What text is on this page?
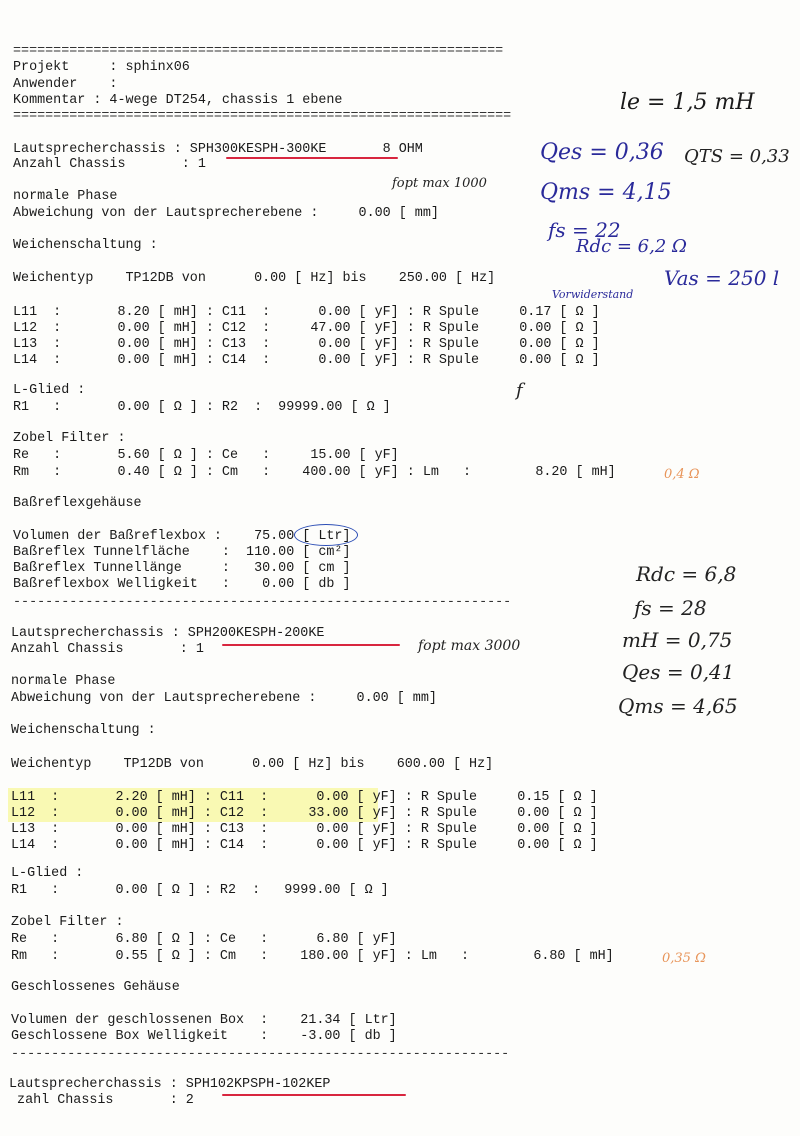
=============================================================
Projekt     : sphinx06
Anwender    :
Kommentar : 4-wege DT254, chassis 1 ebene
==============================================================
Lautsprecherchassis : SPH300KESPH-300KE       8 OHM
Anzahl Chassis       : 1
normale Phase
Abweichung von der Lautsprecherebene :     0.00 [ mm]
Weichenschaltung :
Weichentyp    TP12DB von      0.00 [ Hz] bis    250.00 [ Hz]
L11  :       8.20 [ mH] : C11  :      0.00 [ yF] : R Spule     0.17 [ Ω ]
L12  :       0.00 [ mH] : C12  :     47.00 [ yF] : R Spule     0.00 [ Ω ]
L13  :       0.00 [ mH] : C13  :      0.00 [ yF] : R Spule     0.00 [ Ω ]
L14  :       0.00 [ mH] : C14  :      0.00 [ yF] : R Spule     0.00 [ Ω ]
L-Glied :
R1   :       0.00 [ Ω ] : R2  :  99999.00 [ Ω ]
Zobel Filter :
Re   :       5.60 [ Ω ] : Ce   :     15.00 [ yF]
Rm   :       0.40 [ Ω ] : Cm   :    400.00 [ yF] : Lm   :        8.20 [ mH]
Baßreflexgehäuse
Volumen der Baßreflexbox :    75.00 [ Ltr]
Baßreflex Tunnelfläche    :  110.00 [ cm²]
Baßreflex Tunnellänge     :   30.00 [ cm ]
Baßreflexbox Welligkeit   :    0.00 [ db ]
--------------------------------------------------------------
Lautsprecherchassis : SPH200KESPH-200KE
Anzahl Chassis       : 1
normale Phase
Abweichung von der Lautsprecherebene :     0.00 [ mm]
Weichenschaltung :
Weichentyp    TP12DB von      0.00 [ Hz] bis    600.00 [ Hz]
L11  :       2.20 [ mH] : C11  :      0.00 [ yF] : R Spule     0.15 [ Ω ]
L12  :       0.00 [ mH] : C12  :     33.00 [ yF] : R Spule     0.00 [ Ω ]
L13  :       0.00 [ mH] : C13  :      0.00 [ yF] : R Spule     0.00 [ Ω ]
L14  :       0.00 [ mH] : C14  :      0.00 [ yF] : R Spule     0.00 [ Ω ]
L-Glied :
R1   :       0.00 [ Ω ] : R2  :   9999.00 [ Ω ]
Zobel Filter :
Re   :       6.80 [ Ω ] : Ce   :      6.80 [ yF]
Rm   :       0.55 [ Ω ] : Cm   :    180.00 [ yF] : Lm   :        6.80 [ mH]
Geschlossenes Gehäuse
Volumen der geschlossenen Box  :    21.34 [ Ltr]
Geschlossene Box Welligkeit    :    -3.00 [ db ]
--------------------------------------------------------------
Lautsprecherchassis : SPH102KPSPH-102KEP
zahl Chassis       : 2
le = 1,5 mH
Qes = 0,36 QTS = 0,33
Qms = 4,15
fopt max 1000
fs = 22
Rdc = 6,2 Ω
Vas = 250 l
Vorwiderstand
f
0,4 Ω
Rdc = 6,8
fs = 28
mH = 0,75
Qes = 0,41
Qms = 4,65
fopt max 3000
0,35 Ω
